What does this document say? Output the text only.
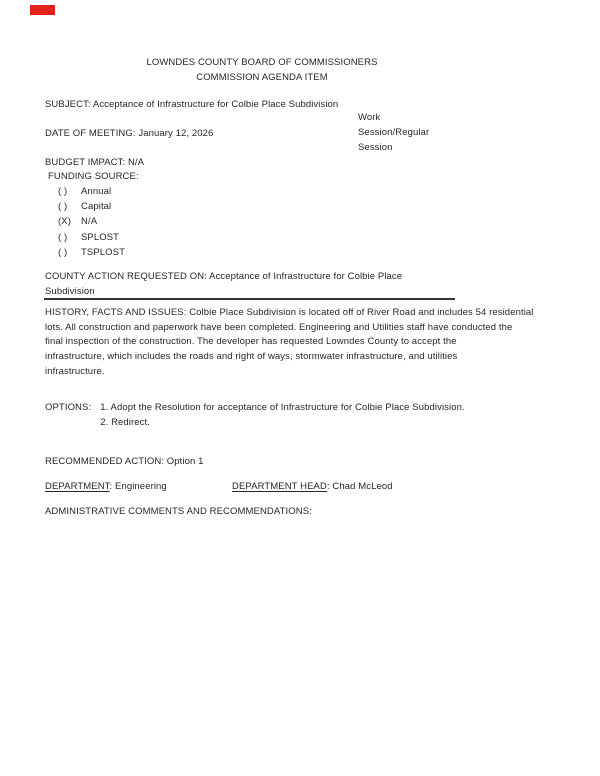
LOWNDES COUNTY BOARD OF COMMISSIONERS
COMMISSION AGENDA ITEM
SUBJECT: Acceptance of Infrastructure for Colbie Place Subdivision
Work
Session/Regular
Session
DATE OF MEETING: January 12, 2026
BUDGET IMPACT: N/A
FUNDING SOURCE:
( ) Annual
( ) Capital
(X) N/A
( ) SPLOST
( ) TSPLOST
COUNTY ACTION REQUESTED ON: Acceptance of Infrastructure for Colbie Place
Subdivision
HISTORY, FACTS AND ISSUES: Colbie Place Subdivision is located off of River Road and includes 54 residential
lots. All construction and paperwork have been completed. Engineering and Utilities staff have conducted the
final inspection of the construction. The developer has requested Lowndes County to accept the
infrastructure, which includes the roads and right of ways, stormwater infrastructure, and utilities
infrastructure.
OPTIONS: 1. Adopt the Resolution for acceptance of Infrastructure for Colbie Place Subdivision.
2. Redirect.
RECOMMENDED ACTION: Option 1
DEPARTMENT: Engineering	DEPARTMENT HEAD: Chad McLeod
ADMINISTRATIVE COMMENTS AND RECOMMENDATIONS:
